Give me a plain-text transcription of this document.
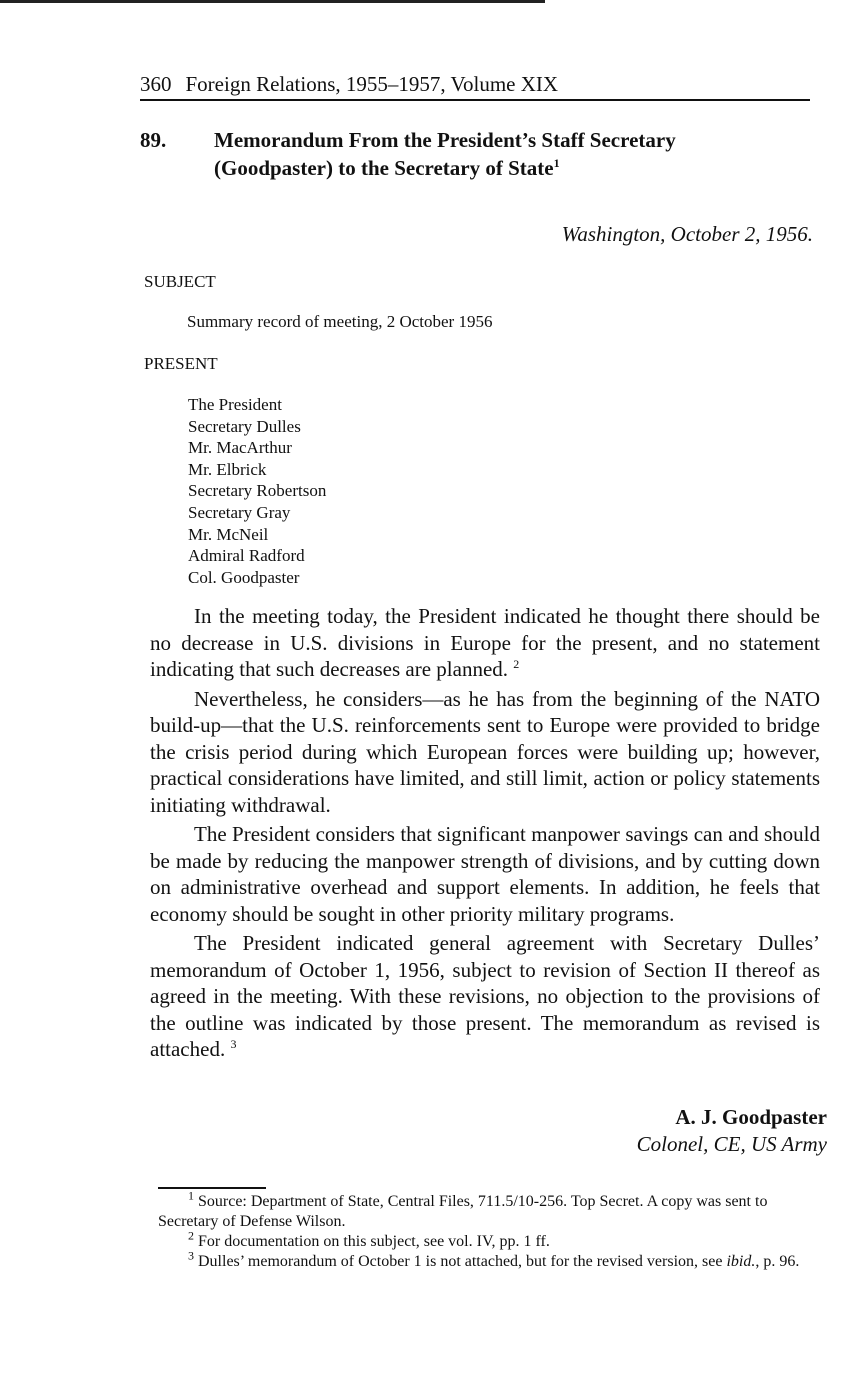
360 Foreign Relations, 1955–1957, Volume XIX
89. Memorandum From the President’s Staff Secretary
(Goodpaster) to the Secretary of State$^1$
Washington, October 2, 1956.
SUBJECT
Summary record of meeting, 2 October 1956
PRESENT
The President
Secretary Dulles
Mr. MacArthur
Mr. Elbrick
Secretary Robertson
Secretary Gray
Mr. McNeil
Admiral Radford
Col. Goodpaster

In the meeting today, the President indicated he thought there should be no decrease in U.S. divisions in Europe for the present, and no statement indicating that such decreases are planned. $^2$

Nevertheless, he considers—as he has from the beginning of the NATO build-up—that the U.S. reinforcements sent to Europe were provided to bridge the crisis period during which European forces were building up; however, practical considerations have limited, and still limit, action or policy statements initiating withdrawal.

The President considers that significant manpower savings can and should be made by reducing the manpower strength of divisions, and by cutting down on administrative overhead and support elements. In addition, he feels that economy should be sought in other priority military programs.

The President indicated general agreement with Secretary Dulles’ memorandum of October 1, 1956, subject to revision of Section II thereof as agreed in the meeting. With these revisions, no objection to the provisions of the outline was indicated by those present. The memorandum as revised is attached. $^3$

A. J. Goodpaster
Colonel, CE, US Army

$^1$ Source: Department of State, Central Files, 711.5/10-256. Top Secret. A copy was sent to Secretary of Defense Wilson.

$^2$ For documentation on this subject, see vol. IV, pp. 1 ff.

$^3$ Dulles’ memorandum of October 1 is not attached, but for the revised version, see ibid., p. 96.
